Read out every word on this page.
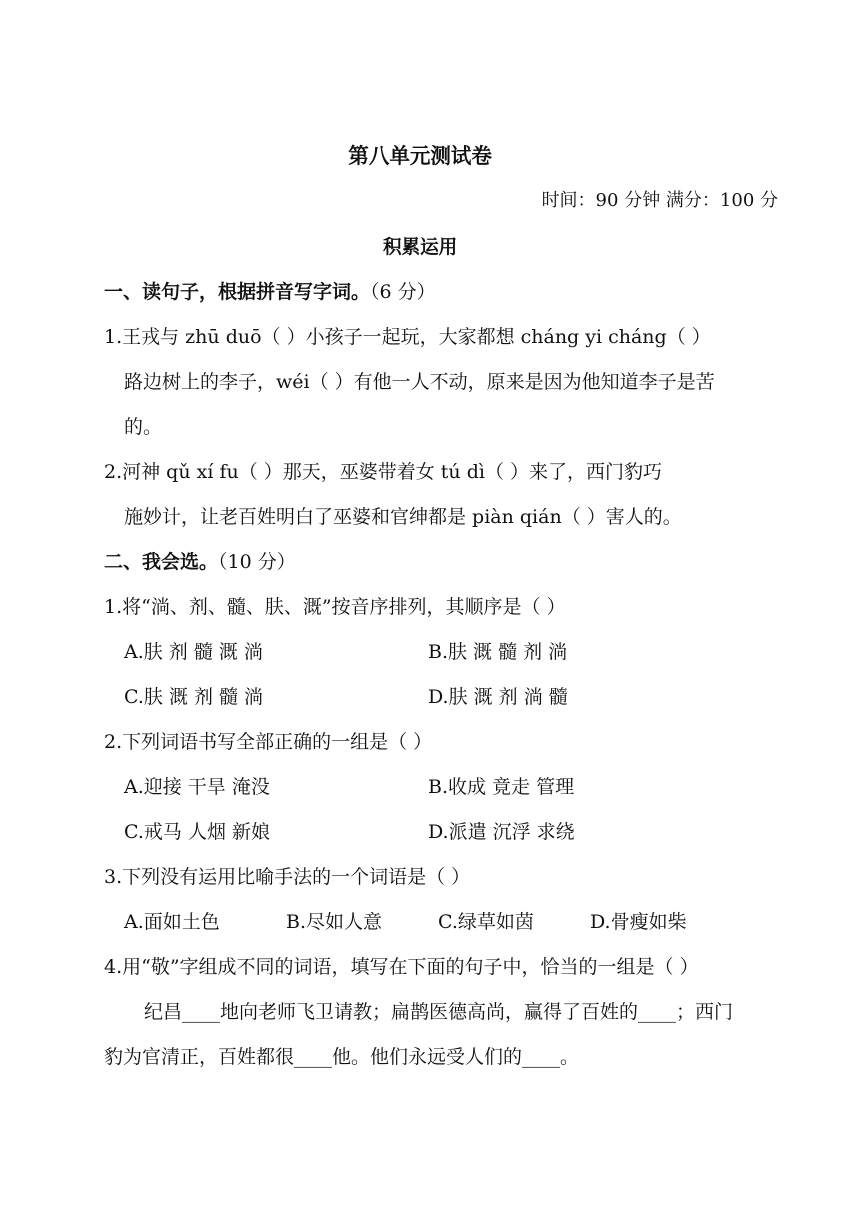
第八单元测试卷
时间：90 分钟 满分：100 分
积累运用
一、读句子，根据拼音写字词。（6 分）
1.王戎与 zhū duō（ ）小孩子一起玩，大家都想 cháng yi cháng（ ）
路边树上的李子，wéi（ ）有他一人不动，原来是因为他知道李子是苦
的。
2.河神 qǔ xí fu（ ）那天，巫婆带着女 tú dì（ ）来了，西门豹巧
施妙计，让老百姓明白了巫婆和官绅都是 piàn qián（ ）害人的。
二、我会选。（10 分）
1.将“淌、剂、髓、肤、溉”按音序排列，其顺序是（ ）
A.肤 剂 髓 溉 淌	B.肤 溉 髓 剂 淌
C.肤 溉 剂 髓 淌	D.肤 溉 剂 淌 髓
2.下列词语书写全部正确的一组是（ ）
A.迎接 干旱 淹没	B.收成 竟走 管理
C.戒马 人烟 新娘	D.派遣 沉浮 求绕
3.下列没有运用比喻手法的一个词语是（ ）
A.面如土色	B.尽如人意	C.绿草如茵	D.骨瘦如柴
4.用“敬”字组成不同的词语，填写在下面的句子中，恰当的一组是（ ）
纪昌____地向老师飞卫请教；扁鹊医德高尚，赢得了百姓的____；西门
豹为官清正，百姓都很____他。他们永远受人们的____。
